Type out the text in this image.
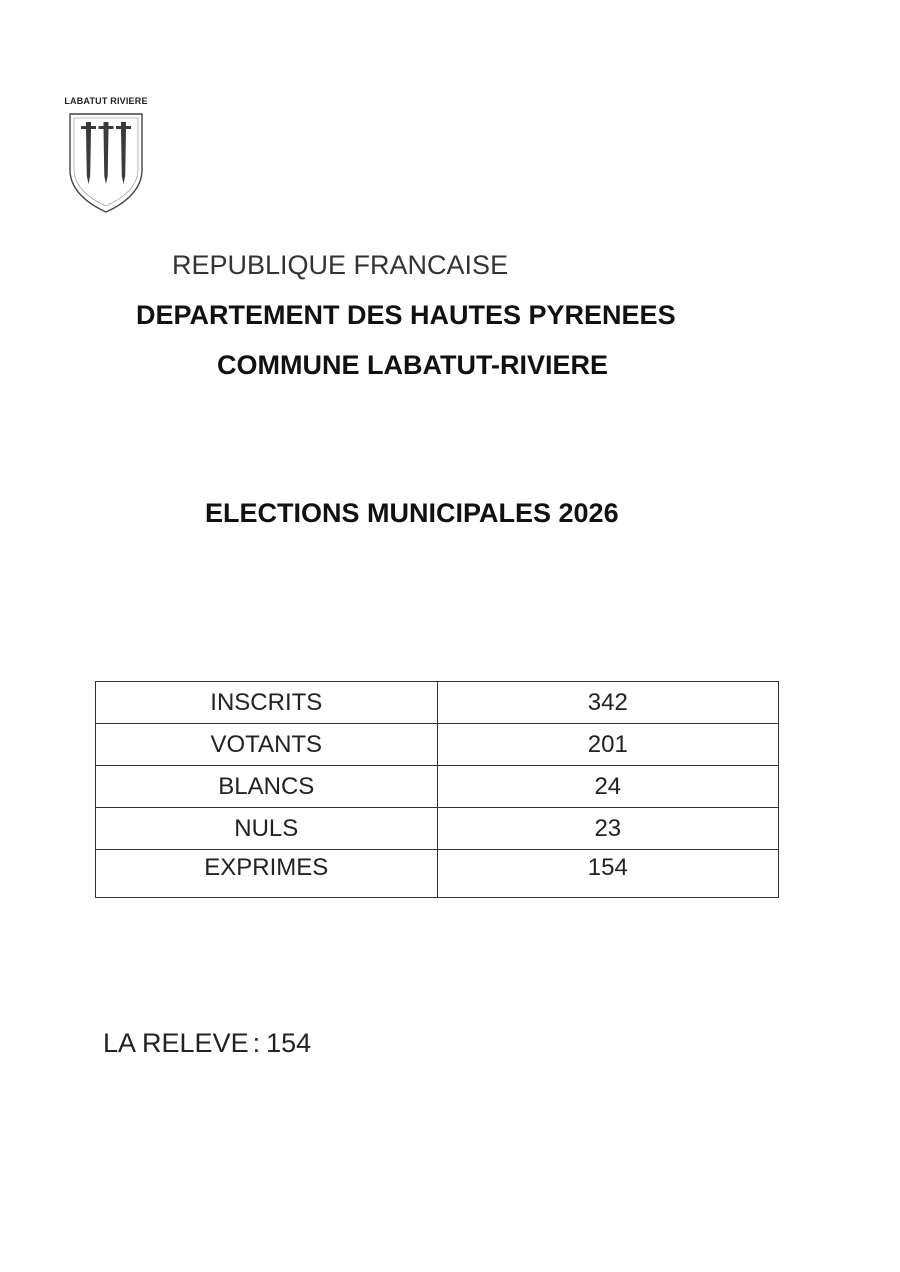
LABATUT RIVIERE
REPUBLIQUE FRANCAISE
DEPARTEMENT DES HAUTES PYRENEES
COMMUNE LABATUT-RIVIERE
ELECTIONS MUNICIPALES 2026
INSCRITS	342
VOTANTS	201
BLANCS	24
NULS	23
EXPRIMES	154
LA RELEVE : 154
